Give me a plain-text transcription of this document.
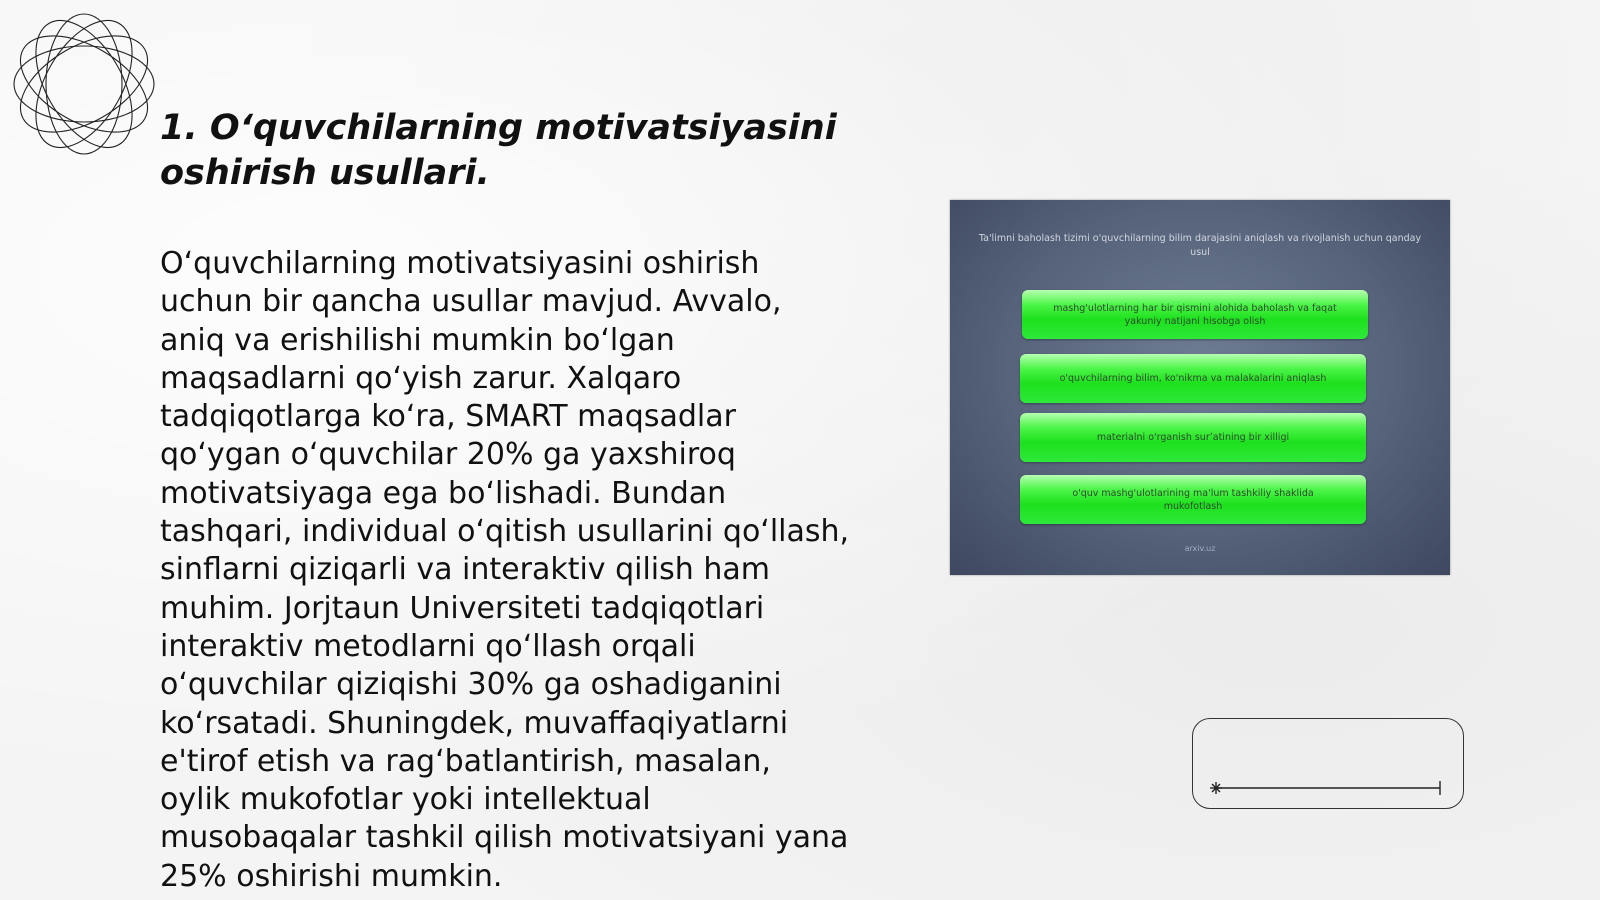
1. O‘quvchilarning motivatsiyasini oshirish usullari.
O‘quvchilarning motivatsiyasini oshirish uchun bir qancha usullar mavjud. Avvalo, aniq va erishilishi mumkin bo‘lgan maqsadlarni qo‘yish zarur. Xalqaro tadqiqotlarga ko‘ra, SMART maqsadlar qo‘ygan o‘quvchilar 20% ga yaxshiroq motivatsiyaga ega bo‘lishadi. Bundan tashqari, individual o‘qitish usullarini qo‘llash, sinflarni qiziqarli va interaktiv qilish ham muhim. Jorjtaun Universiteti tadqiqotlari interaktiv metodlarni qo‘llash orqali o‘quvchilar qiziqishi 30% ga oshadiganini ko‘rsatadi. Shuningdek, muvaffaqiyatlarni e'tirof etish va rag‘batlantirish, masalan, oylik mukofotlar yoki intellektual musobaqalar tashkil qilish motivatsiyani yana 25% oshirishi mumkin.
Ta'limni baholash tizimi o'quvchilarning bilim darajasini aniqlash va rivojlanish uchun qanday usul
mashg'ulotlarning har bir qismini alohida baholash va faqat yakuniy natijani hisobga olish
o'quvchilarning bilim, ko'nikma va malakalarini aniqlash
materialni o'rganish surʼatining bir xilligi
o'quv mashg'ulotlarining ma'lum tashkiliy shaklida mukofotlash
arxiv.uz
